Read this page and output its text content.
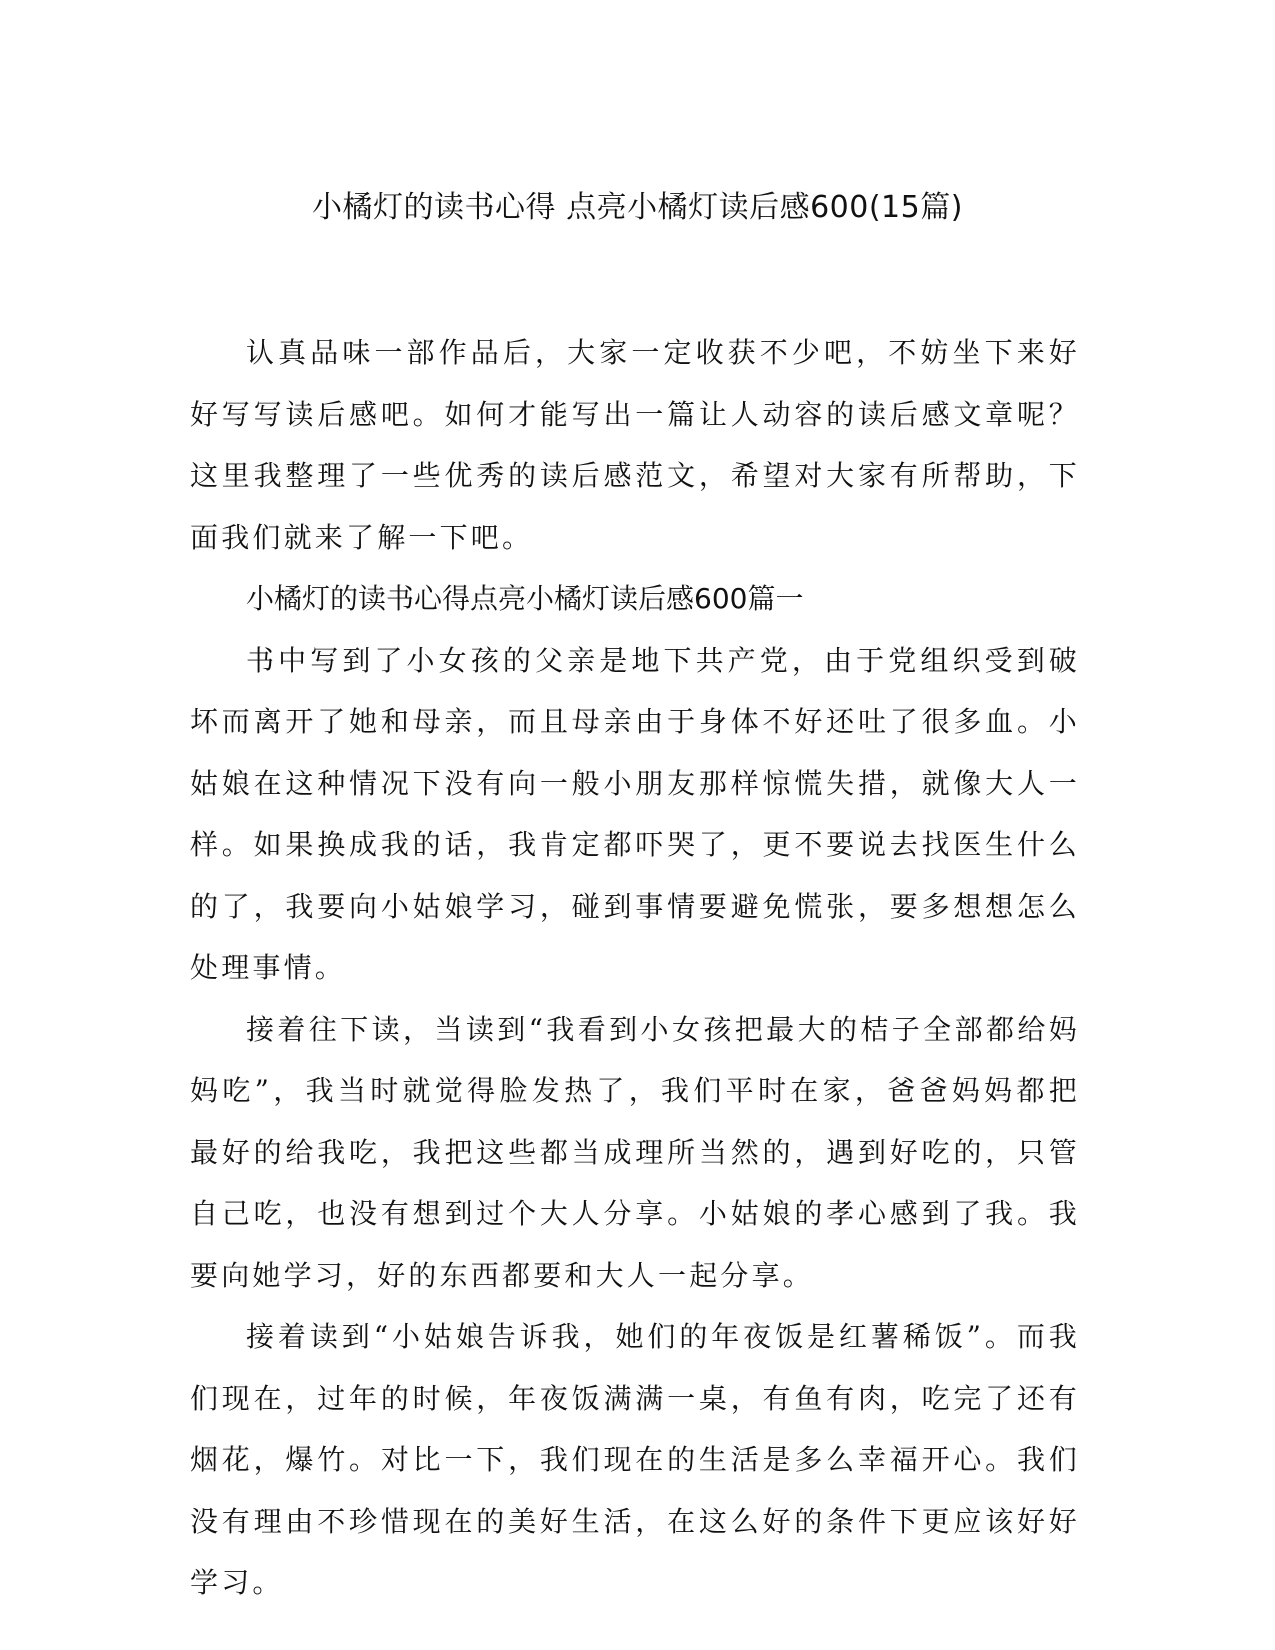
小橘灯的读书心得 点亮小橘灯读后感600(15篇)

认真品味一部作品后，大家一定收获不少吧，不妨坐下来好好写写读后感吧。如何才能写出一篇让人动容的读后感文章呢？这里我整理了一些优秀的读后感范文，希望对大家有所帮助，下面我们就来了解一下吧。

小橘灯的读书心得点亮小橘灯读后感600篇一

书中写到了小女孩的父亲是地下共产党，由于党组织受到破坏而离开了她和母亲，而且母亲由于身体不好还吐了很多血。小姑娘在这种情况下没有向一般小朋友那样惊慌失措，就像大人一样。如果换成我的话，我肯定都吓哭了，更不要说去找医生什么的了，我要向小姑娘学习，碰到事情要避免慌张，要多想想怎么处理事情。

接着往下读，当读到“我看到小女孩把最大的桔子全部都给妈妈吃”，我当时就觉得脸发热了，我们平时在家，爸爸妈妈都把最好的给我吃，我把这些都当成理所当然的，遇到好吃的，只管自己吃，也没有想到过个大人分享。小姑娘的孝心感到了我。我要向她学习，好的东西都要和大人一起分享。

接着读到“小姑娘告诉我，她们的年夜饭是红薯稀饭”。而我们现在，过年的时候，年夜饭满满一桌，有鱼有肉，吃完了还有烟花，爆竹。对比一下，我们现在的生活是多么幸福开心。我们没有理由不珍惜现在的美好生活，在这么好的条件下更应该好好学习。
